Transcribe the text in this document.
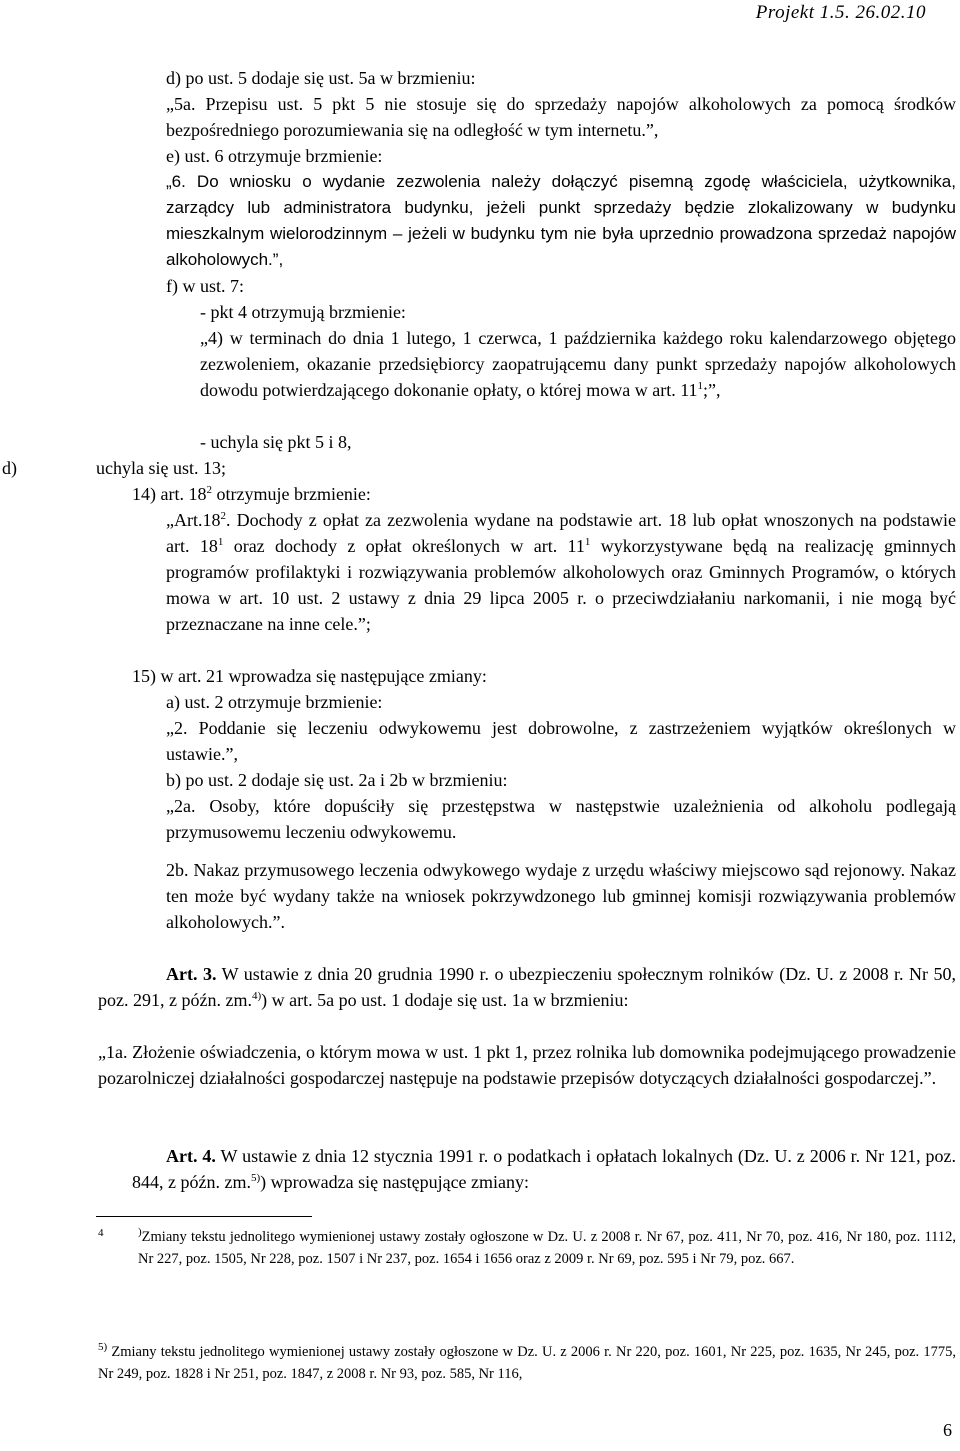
Projekt 1.5. 26.02.10
d) po ust. 5 dodaje się ust. 5a w brzmieniu:
„5a. Przepisu ust. 5 pkt 5 nie stosuje się do sprzedaży napojów alkoholowych za pomocą środków bezpośredniego porozumiewania się na odległość w tym internetu.”,
e) ust. 6 otrzymuje brzmienie:
„6. Do wniosku o wydanie zezwolenia należy dołączyć pisemną zgodę właściciela, użytkownika, zarządcy lub administratora budynku, jeżeli punkt sprzedaży będzie zlokalizowany w budynku mieszkalnym wielorodzinnym – jeżeli w budynku tym nie była uprzednio prowadzona sprzedaż napojów alkoholowych.”,
f) w ust. 7:
- pkt 4 otrzymują brzmienie:
„4) w terminach do dnia 1 lutego, 1 czerwca, 1 października każdego roku kalendarzowego objętego zezwoleniem, okazanie przedsiębiorcy zaopatrującemu dany punkt sprzedaży napojów alkoholowych dowodu potwierdzającego dokonanie opłaty, o której mowa w art. $11^1$;”,
- uchyla się pkt 5 i 8,
d)	uchyla się ust. 13;
14) art. $18^2$ otrzymuje brzmienie:
$„Art.18^2$. Dochody z opłat za zezwolenia wydane na podstawie art. 18 lub opłat wnoszonych na podstawie art. $18^1$ oraz dochody z opłat określonych w art. $11^1$ wykorzystywane będą na realizację gminnych programów profilaktyki i rozwiązywania problemów alkoholowych oraz Gminnych Programów, o których mowa w art. 10 ust. 2 ustawy z dnia 29 lipca 2005 r. o przeciwdziałaniu narkomanii, i nie mogą być przeznaczane na inne cele.”;
15) w art. 21 wprowadza się następujące zmiany:
a) ust. 2 otrzymuje brzmienie:
„2. Poddanie się leczeniu odwykowemu jest dobrowolne, z zastrzeżeniem wyjątków określonych w ustawie.”,
b) po ust. 2 dodaje się ust. 2a i 2b w brzmieniu:
„2a. Osoby, które dopuściły się przestępstwa w następstwie uzależnienia od alkoholu podlegają przymusowemu leczeniu odwykowemu.
2b. Nakaz przymusowego leczenia odwykowego wydaje z urzędu właściwy miejscowo sąd rejonowy. Nakaz ten może być wydany także na wniosek pokrzywdzonego lub gminnej komisji rozwiązywania problemów alkoholowych.”.
Art. 3. W ustawie z dnia 20 grudnia 1990 r. o ubezpieczeniu społecznym rolników (Dz. U. z 2008 r. Nr 50, poz. 291, z późn. zm.$^{4)}$) w art. 5a po ust. 1 dodaje się ust. 1a w brzmieniu:
„1a. Złożenie oświadczenia, o którym mowa w ust. 1 pkt 1, przez rolnika lub domownika podejmującego prowadzenie pozarolniczej działalności gospodarczej następuje na podstawie przepisów dotyczących działalności gospodarczej.”.
Art. 4. W ustawie z dnia 12 stycznia 1991 r. o podatkach i opłatach lokalnych (Dz. U. z 2006 r. Nr 121, poz. 844, z późn. zm.$^{5)}$) wprowadza się następujące zmiany:
4	)Zmiany tekstu jednolitego wymienionej ustawy zostały ogłoszone w Dz. U. z 2008 r. Nr 67, poz. 411, Nr 70, poz. 416, Nr 180, poz. 1112, Nr 227, poz. 1505, Nr 228, poz. 1507 i Nr 237, poz. 1654 i 1656 oraz z 2009 r. Nr 69, poz. 595 i Nr 79, poz. 667.
$^{5)}$ Zmiany tekstu jednolitego wymienionej ustawy zostały ogłoszone w Dz. U. z 2006 r. Nr 220, poz. 1601, Nr 225, poz. 1635, Nr 245, poz. 1775, Nr 249, poz. 1828 i Nr 251, poz. 1847, z 2008 r. Nr 93, poz. 585, Nr 116,
6
